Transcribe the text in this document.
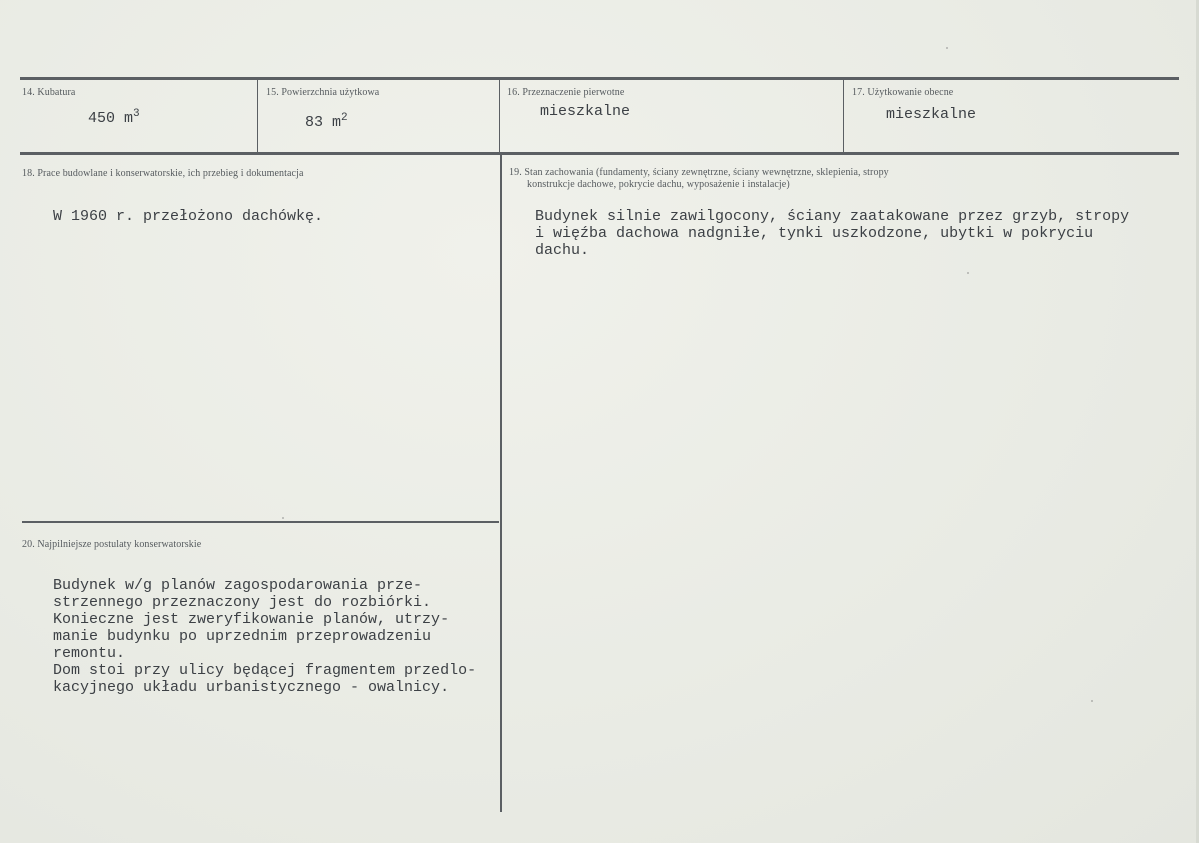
14. Kubatura
450 $m^3$
15. Powierzchnia użytkowa
83 $m^2$
16. Przeznaczenie pierwotne
mieszkalne
17. Użytkowanie obecne
mieszkalne
18. Prace budowlane i konserwatorskie, ich przebieg i dokumentacja
W 1960 r. przełożono dachówkę.
19. Stan zachowania (fundamenty, ściany zewnętrzne, ściany wewnętrzne, sklepienia, stropy
konstrukcje dachowe, pokrycie dachu, wyposażenie i instalacje)
Budynek silnie zawilgocony, ściany zaatakowane przez grzyb, stropy
i więźba dachowa nadgniłe, tynki uszkodzone, ubytki w pokryciu
dachu.
20. Najpilniejsze postulaty konserwatorskie
Budynek w/g planów zagospodarowania prze-
strzennego przeznaczony jest do rozbiórki.
Konieczne jest zweryfikowanie planów, utrzy-
manie budynku po uprzednim przeprowadzeniu
remontu.
Dom stoi przy ulicy będącej fragmentem przedlo-
kacyjnego układu urbanistycznego - owalnicy.
